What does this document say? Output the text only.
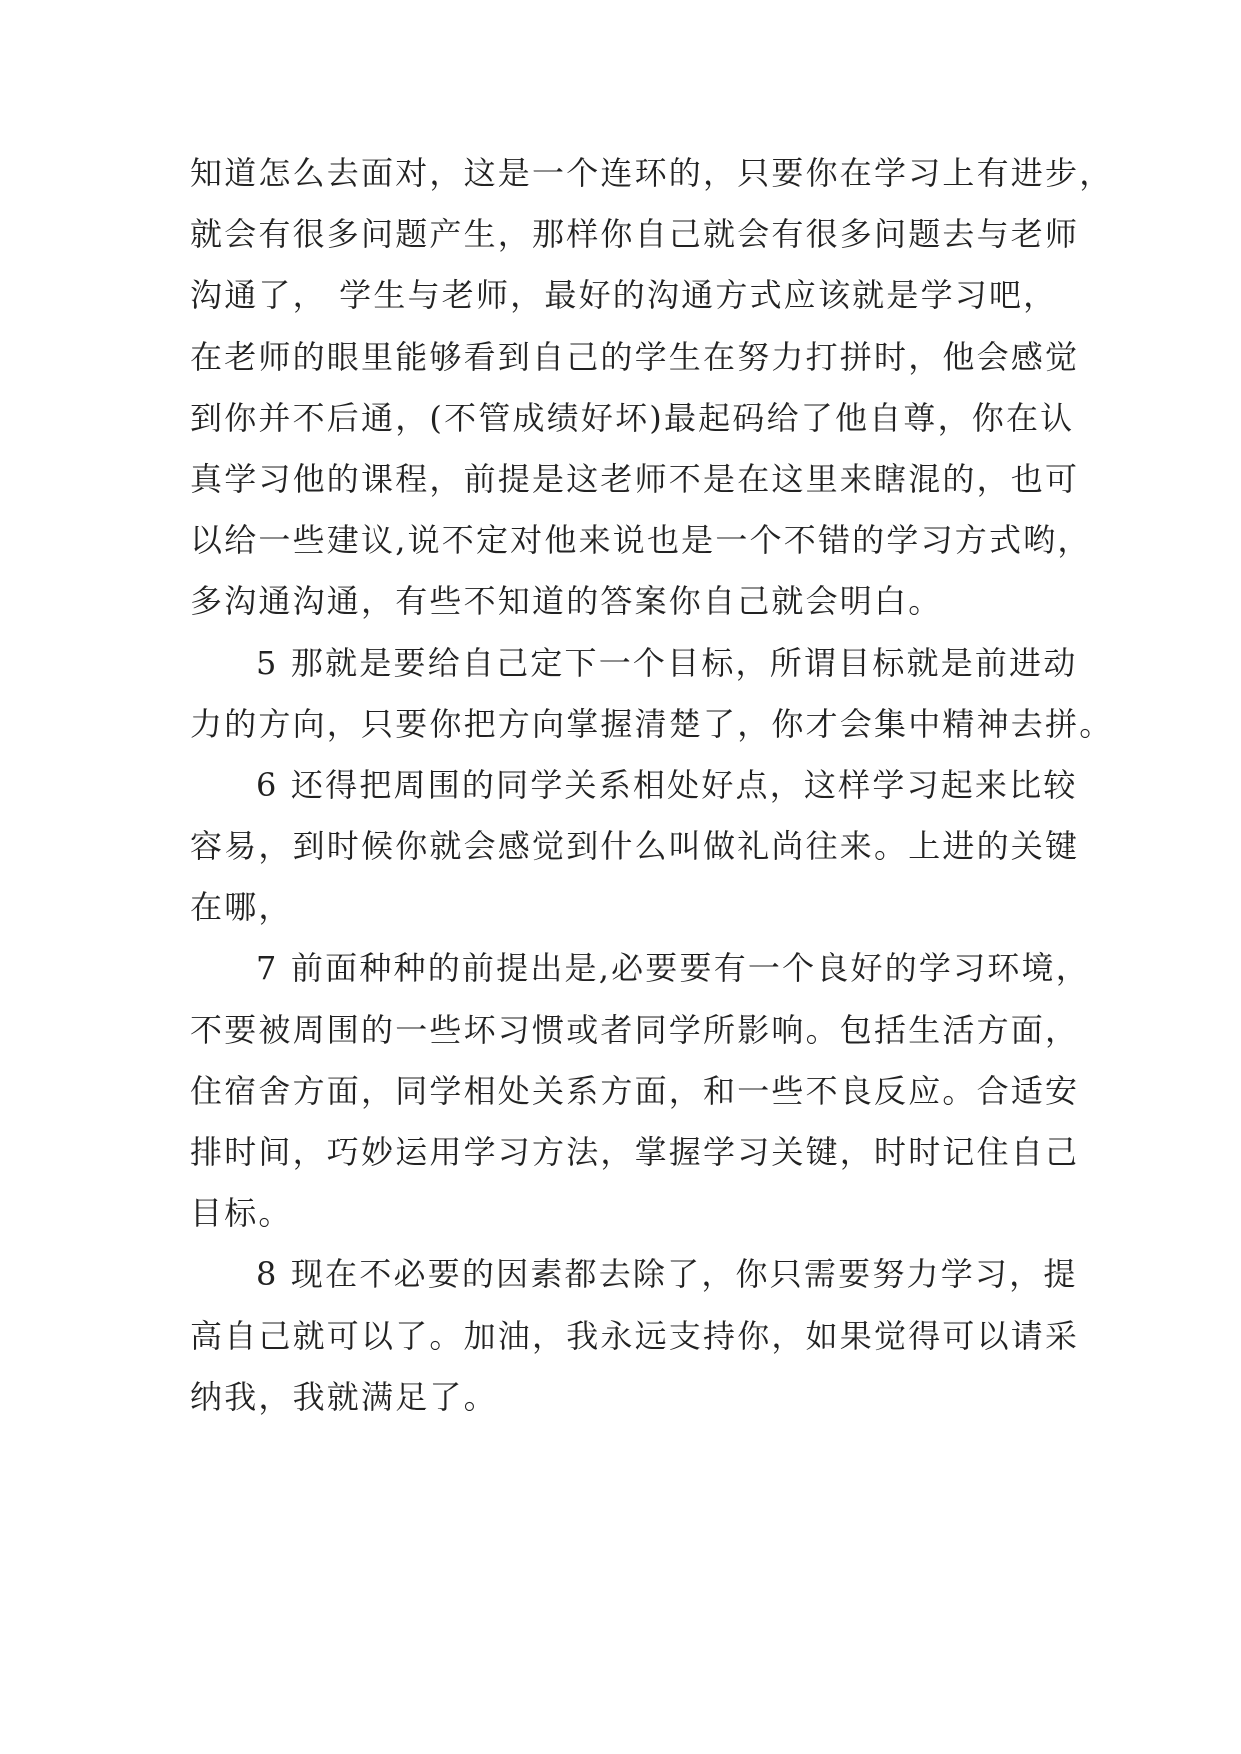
知道怎么去面对，这是一个连环的，只要你在学习上有进步，
就会有很多问题产生，那样你自己就会有很多问题去与老师
沟通了， 学生与老师，最好的沟通方式应该就是学习吧，
在老师的眼里能够看到自己的学生在努力打拼时，他会感觉
到你并不后通，(不管成绩好坏)最起码给了他自尊，你在认
真学习他的课程，前提是这老师不是在这里来瞎混的，也可
以给一些建议,说不定对他来说也是一个不错的学习方式哟，
多沟通沟通，有些不知道的答案你自己就会明白。
5 那就是要给自己定下一个目标，所谓目标就是前进动
力的方向，只要你把方向掌握清楚了，你才会集中精神去拼。
6 还得把周围的同学关系相处好点，这样学习起来比较
容易，到时候你就会感觉到什么叫做礼尚往来。上进的关键
在哪，
7 前面种种的前提出是,必要要有一个良好的学习环境，
不要被周围的一些坏习惯或者同学所影响。包括生活方面，
住宿舍方面，同学相处关系方面，和一些不良反应。合适安
排时间，巧妙运用学习方法，掌握学习关键，时时记住自己
目标。
8 现在不必要的因素都去除了，你只需要努力学习，提
高自己就可以了。加油，我永远支持你，如果觉得可以请采
纳我，我就满足了。
